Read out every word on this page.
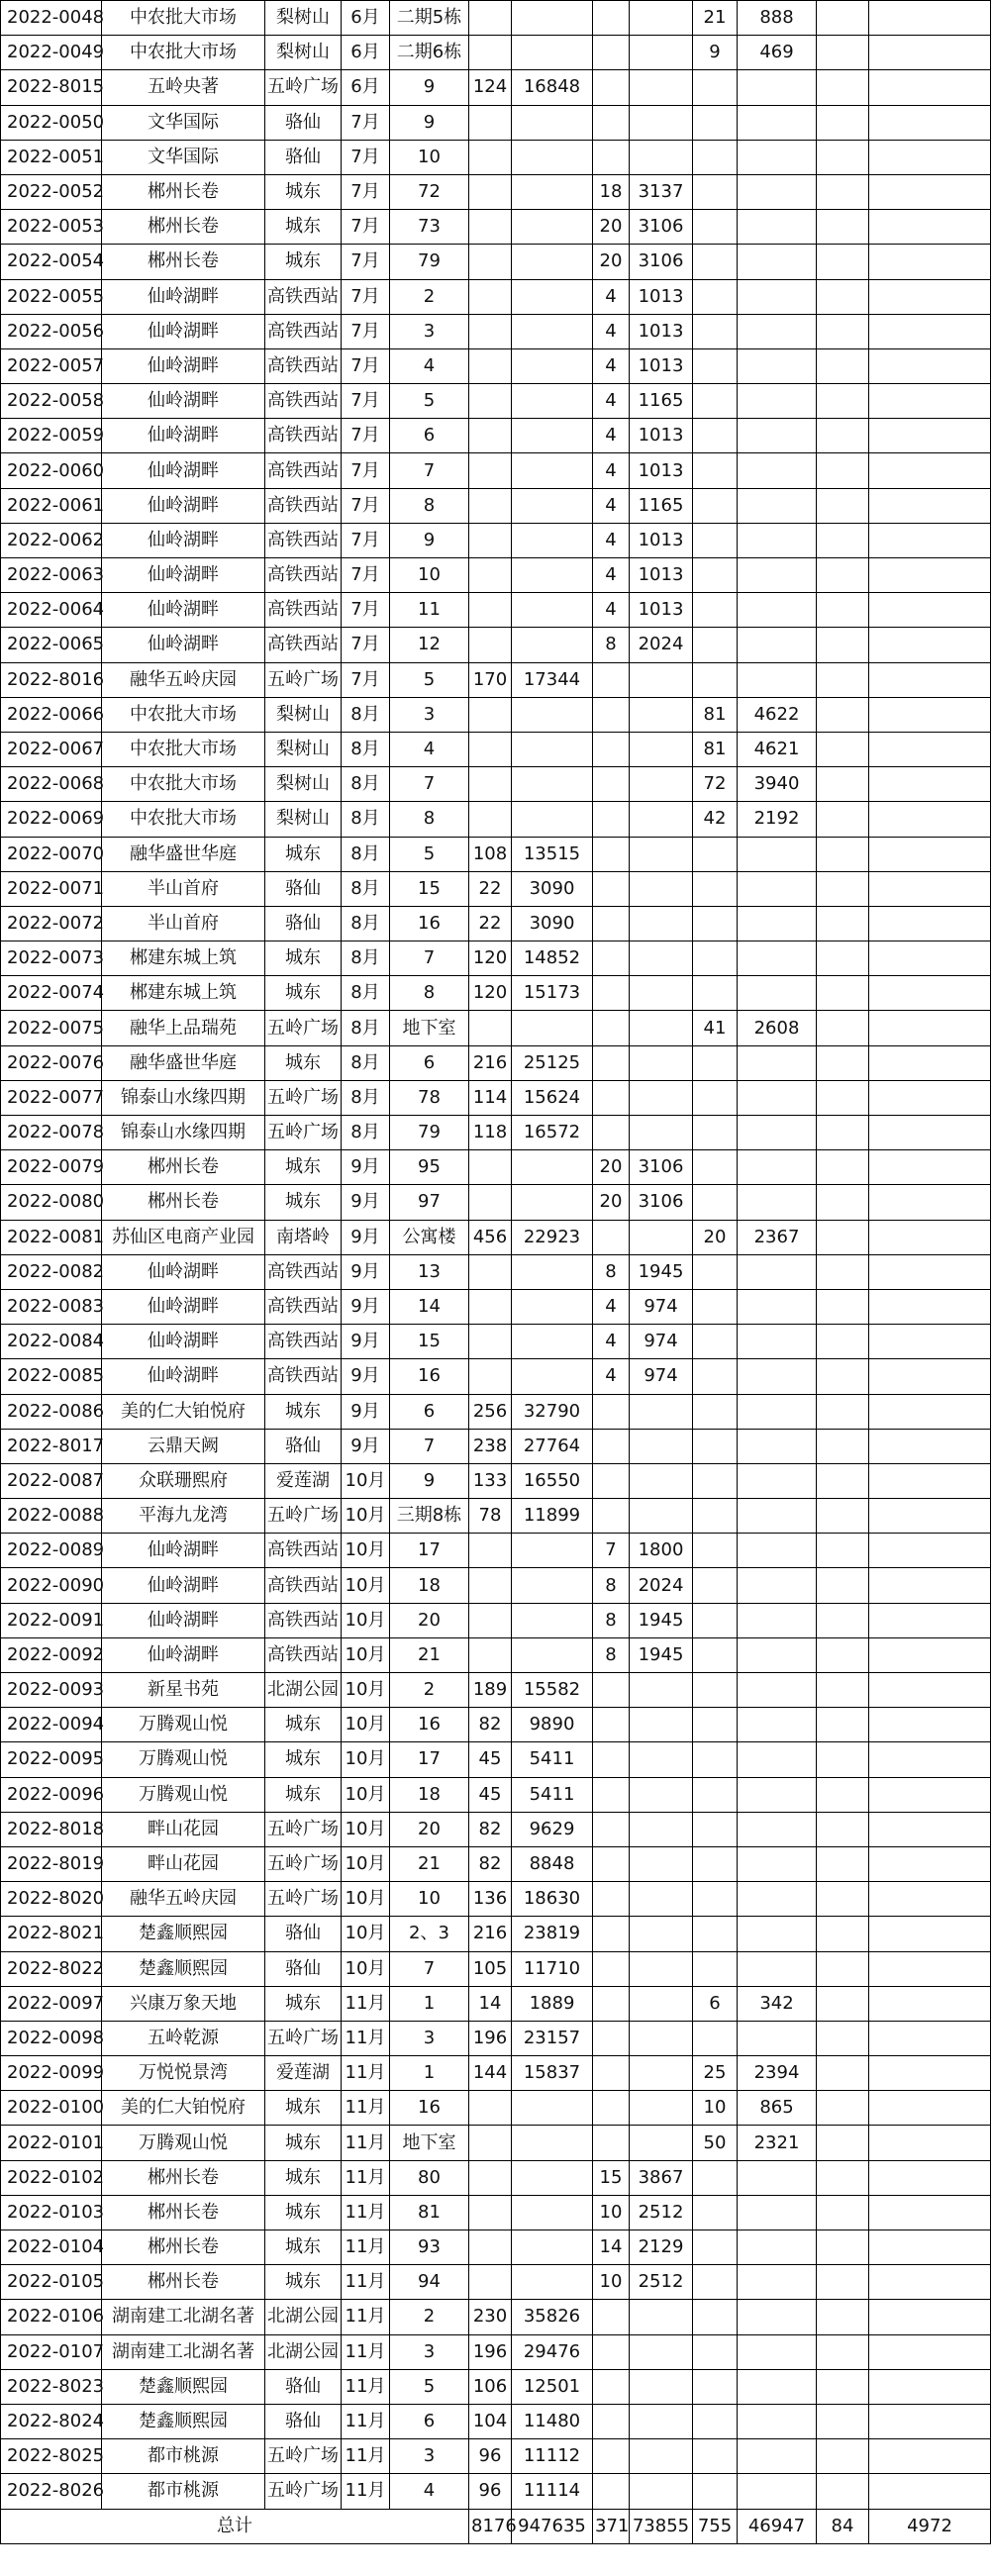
2022-0048	中农批大市场	梨树山	6月	二期5栋					21	888		
2022-0049	中农批大市场	梨树山	6月	二期6栋					9	469		
2022-8015	五岭央著	五岭广场	6月	9	124	16848						
2022-0050	文华国际	骆仙	7月	9								
2022-0051	文华国际	骆仙	7月	10								
2022-0052	郴州长卷	城东	7月	72			18	3137				
2022-0053	郴州长卷	城东	7月	73			20	3106				
2022-0054	郴州长卷	城东	7月	79			20	3106				
2022-0055	仙岭湖畔	高铁西站	7月	2			4	1013				
2022-0056	仙岭湖畔	高铁西站	7月	3			4	1013				
2022-0057	仙岭湖畔	高铁西站	7月	4			4	1013				
2022-0058	仙岭湖畔	高铁西站	7月	5			4	1165				
2022-0059	仙岭湖畔	高铁西站	7月	6			4	1013				
2022-0060	仙岭湖畔	高铁西站	7月	7			4	1013				
2022-0061	仙岭湖畔	高铁西站	7月	8			4	1165				
2022-0062	仙岭湖畔	高铁西站	7月	9			4	1013				
2022-0063	仙岭湖畔	高铁西站	7月	10			4	1013				
2022-0064	仙岭湖畔	高铁西站	7月	11			4	1013				
2022-0065	仙岭湖畔	高铁西站	7月	12			8	2024				
2022-8016	融华五岭庆园	五岭广场	7月	5	170	17344						
2022-0066	中农批大市场	梨树山	8月	3					81	4622		
2022-0067	中农批大市场	梨树山	8月	4					81	4621		
2022-0068	中农批大市场	梨树山	8月	7					72	3940		
2022-0069	中农批大市场	梨树山	8月	8					42	2192		
2022-0070	融华盛世华庭	城东	8月	5	108	13515						
2022-0071	半山首府	骆仙	8月	15	22	3090						
2022-0072	半山首府	骆仙	8月	16	22	3090						
2022-0073	郴建东城上筑	城东	8月	7	120	14852						
2022-0074	郴建东城上筑	城东	8月	8	120	15173						
2022-0075	融华上品瑞苑	五岭广场	8月	地下室					41	2608		
2022-0076	融华盛世华庭	城东	8月	6	216	25125						
2022-0077	锦泰山水缘四期	五岭广场	8月	78	114	15624						
2022-0078	锦泰山水缘四期	五岭广场	8月	79	118	16572						
2022-0079	郴州长卷	城东	9月	95			20	3106				
2022-0080	郴州长卷	城东	9月	97			20	3106				
2022-0081	苏仙区电商产业园	南塔岭	9月	公寓楼	456	22923			20	2367		
2022-0082	仙岭湖畔	高铁西站	9月	13			8	1945				
2022-0083	仙岭湖畔	高铁西站	9月	14			4	974				
2022-0084	仙岭湖畔	高铁西站	9月	15			4	974				
2022-0085	仙岭湖畔	高铁西站	9月	16			4	974				
2022-0086	美的仁大铂悦府	城东	9月	6	256	32790						
2022-8017	云鼎天阙	骆仙	9月	7	238	27764						
2022-0087	众联珊熙府	爱莲湖	10月	9	133	16550						
2022-0088	平海九龙湾	五岭广场	10月	三期8栋	78	11899						
2022-0089	仙岭湖畔	高铁西站	10月	17			7	1800				
2022-0090	仙岭湖畔	高铁西站	10月	18			8	2024				
2022-0091	仙岭湖畔	高铁西站	10月	20			8	1945				
2022-0092	仙岭湖畔	高铁西站	10月	21			8	1945				
2022-0093	新星书苑	北湖公园	10月	2	189	15582						
2022-0094	万腾观山悦	城东	10月	16	82	9890						
2022-0095	万腾观山悦	城东	10月	17	45	5411						
2022-0096	万腾观山悦	城东	10月	18	45	5411						
2022-8018	畔山花园	五岭广场	10月	20	82	9629						
2022-8019	畔山花园	五岭广场	10月	21	82	8848						
2022-8020	融华五岭庆园	五岭广场	10月	10	136	18630						
2022-8021	楚鑫顺熙园	骆仙	10月	2、3	216	23819						
2022-8022	楚鑫顺熙园	骆仙	10月	7	105	11710						
2022-0097	兴康万象天地	城东	11月	1	14	1889			6	342		
2022-0098	五岭乾源	五岭广场	11月	3	196	23157						
2022-0099	万悦悦景湾	爱莲湖	11月	1	144	15837			25	2394		
2022-0100	美的仁大铂悦府	城东	11月	16					10	865		
2022-0101	万腾观山悦	城东	11月	地下室					50	2321		
2022-0102	郴州长卷	城东	11月	80			15	3867				
2022-0103	郴州长卷	城东	11月	81			10	2512				
2022-0104	郴州长卷	城东	11月	93			14	2129				
2022-0105	郴州长卷	城东	11月	94			10	2512				
2022-0106	湖南建工北湖名著	北湖公园	11月	2	230	35826						
2022-0107	湖南建工北湖名著	北湖公园	11月	3	196	29476						
2022-8023	楚鑫顺熙园	骆仙	11月	5	106	12501						
2022-8024	楚鑫顺熙园	骆仙	11月	6	104	11480						
2022-8025	都市桃源	五岭广场	11月	3	96	11112						
2022-8026	都市桃源	五岭广场	11月	4	96	11114						
总计					8176	947635	371	73855	755	46947	84	4972
